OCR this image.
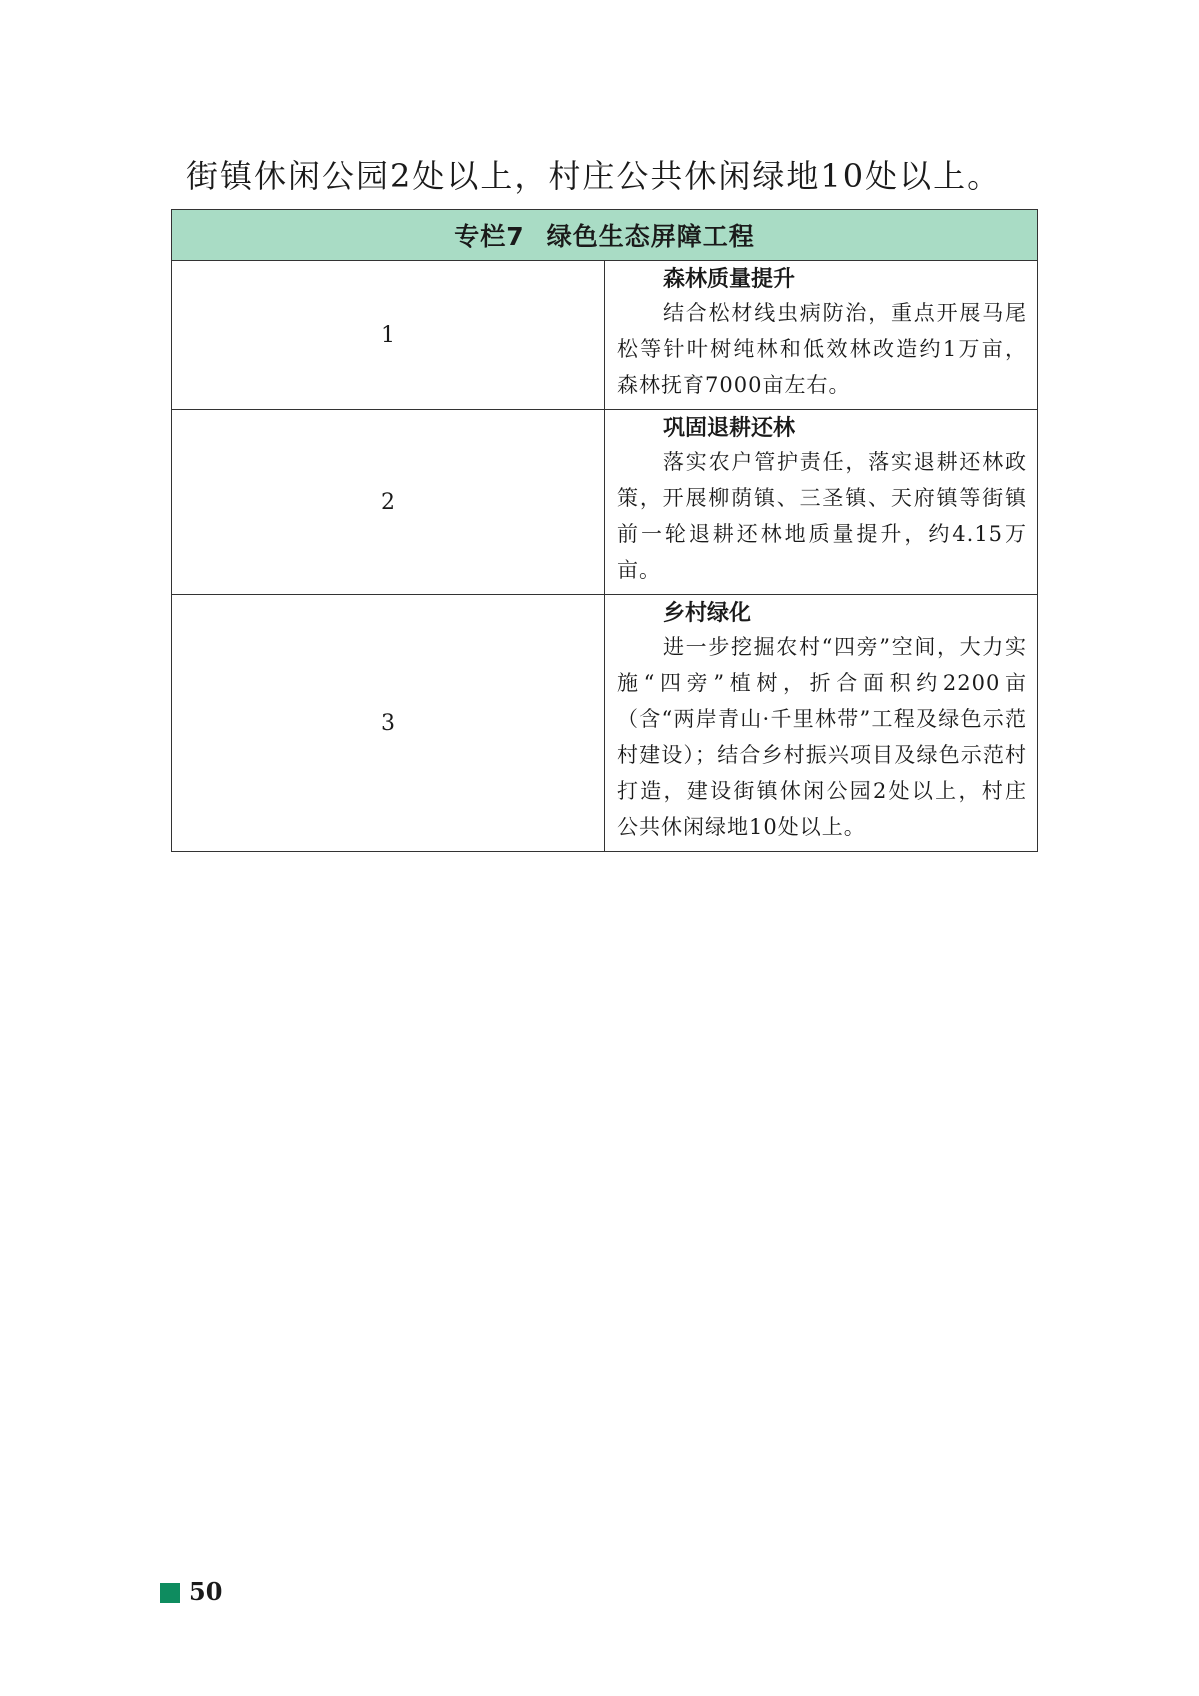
街镇休闲公园2处以上，村庄公共休闲绿地10处以上。
专栏7 绿色生态屏障工程	
1	森林质量提升
结合松材线虫病防治，重点开展马尾松等针叶树纯林和低效林改造约1万亩，森林抚育7000亩左右。

2	巩固退耕还林
落实农户管护责任，落实退耕还林政策，开展柳荫镇、三圣镇、天府镇等街镇前一轮退耕还林地质量提升，约4.15万亩。

3	乡村绿化
进一步挖掘农村“四旁”空间，大力实施“四旁”植树，折合面积约2200亩（含“两岸青山·千里林带”工程及绿色示范村建设）；结合乡村振兴项目及绿色示范村打造，建设街镇休闲公园2处以上，村庄公共休闲绿地10处以上。
50
